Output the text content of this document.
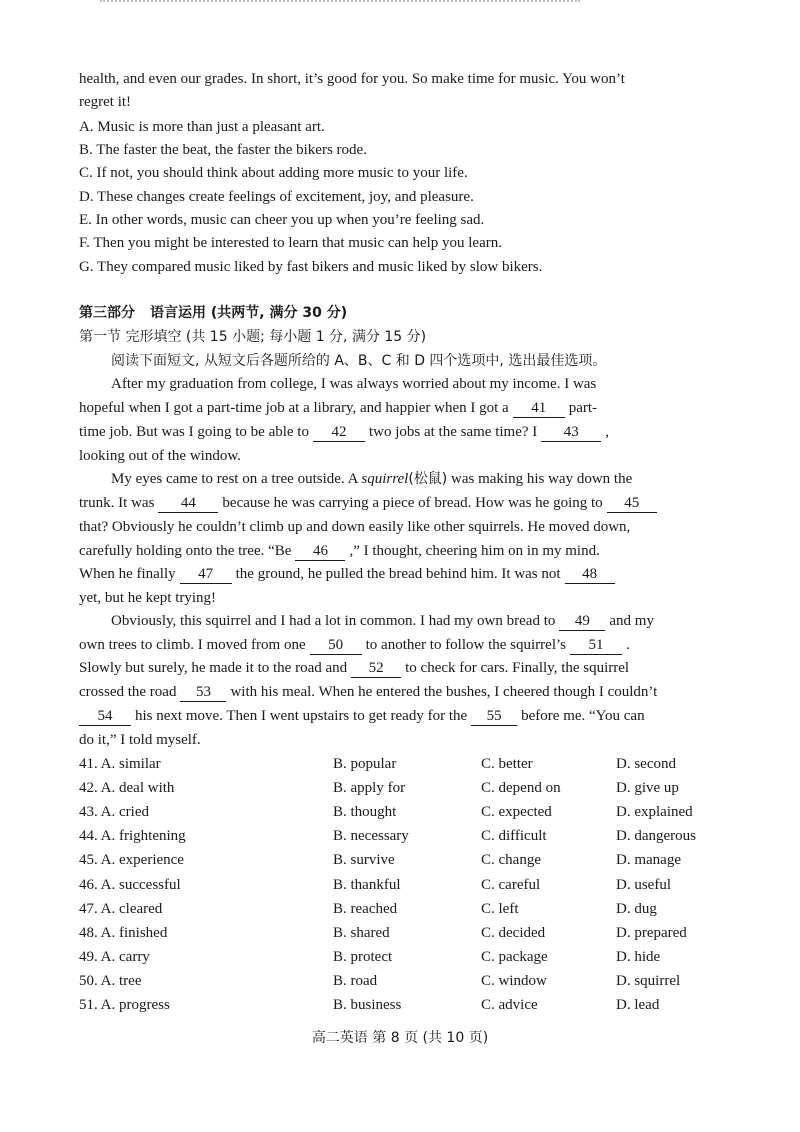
health, and even our grades. In short, it’s good for you. So make time for music. You won’t
regret it!
A. Music is more than just a pleasant art.
B. The faster the beat, the faster the bikers rode.
C. If not, you should think about adding more music to your life.
D. These changes create feelings of excitement, joy, and pleasure.
E. In other words, music can cheer you up when you’re feeling sad.
F. Then you might be interested to learn that music can help you learn.
G. They compared music liked by fast bikers and music liked by slow bikers.
第三部分 语言运用 (共两节, 满分 30 分)
第一节 完形填空 (共 15 小题; 每小题 1 分, 满分 15 分)
阅读下面短文, 从短文后各题所给的 A、B、C 和 D 四个选项中, 选出最佳选项。
After my graduation from college, I was always worried about my income. I was
hopeful when I got a part-time job at a library, and happier when I got a 41 part-
time job. But was I going to be able to 42 two jobs at the same time? I 43 ,
looking out of the window.
My eyes came to rest on a tree outside. A squirrel(松鼠) was making his way down the
trunk. It was 44 because he was carrying a piece of bread. How was he going to 45
that? Obviously he couldn’t climb up and down easily like other squirrels. He moved down,
carefully holding onto the tree. “Be 46 ,” I thought, cheering him on in my mind.
When he finally 47 the ground, he pulled the bread behind him. It was not 48
yet, but he kept trying!
Obviously, this squirrel and I had a lot in common. I had my own bread to 49 and my
own trees to climb. I moved from one 50 to another to follow the squirrel’s 51 .
Slowly but surely, he made it to the road and 52 to check for cars. Finally, the squirrel
crossed the road 53 with his meal. When he entered the bushes, I cheered though I couldn’t
54 his next move. Then I went upstairs to get ready for the 55 before me. “You can
do it,” I told myself.
41. A. similar	B. popular	C. better	D. second
42. A. deal with	B. apply for	C. depend on	D. give up
43. A. cried	B. thought	C. expected	D. explained
44. A. frightening	B. necessary	C. difficult	D. dangerous
45. A. experience	B. survive	C. change	D. manage
46. A. successful	B. thankful	C. careful	D. useful
47. A. cleared	B. reached	C. left	D. dug
48. A. finished	B. shared	C. decided	D. prepared
49. A. carry	B. protect	C. package	D. hide
50. A. tree	B. road	C. window	D. squirrel
51. A. progress	B. business	C. advice	D. lead
高二英语 第 8 页 (共 10 页)
